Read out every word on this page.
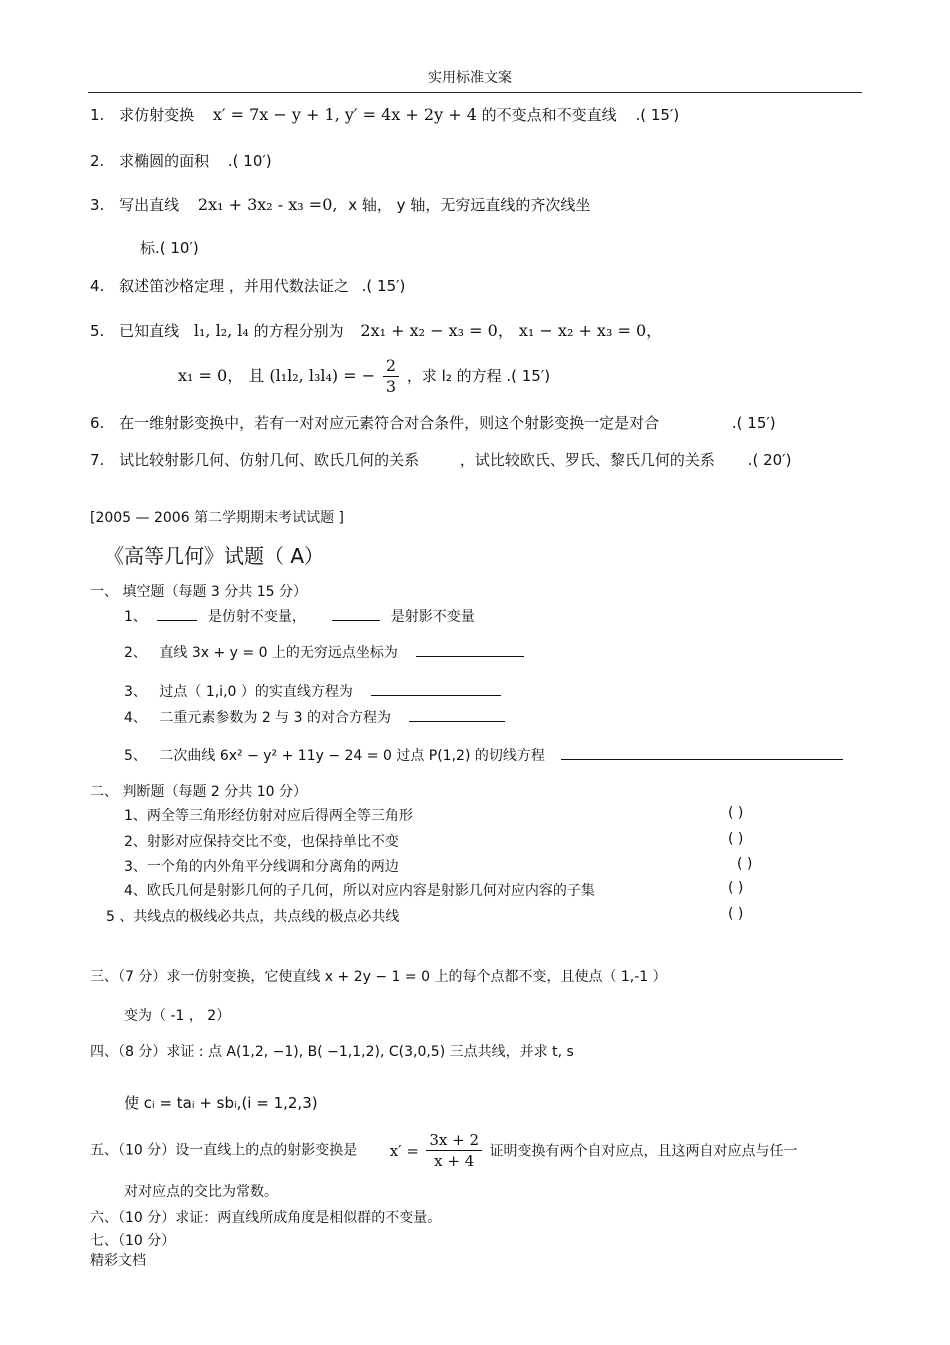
实用标准文案
1. 求仿射变换 x′ = 7x − y + 1, y′ = 4x + 2y + 4 的不变点和不变直线 .( 15′)
2. 求椭圆的面积 .( 10′)
3. 写出直线 2x₁ + 3x₂ - x₃ =0, x 轴， y 轴，无穷远直线的齐次线坐
标.( 10′)
4. 叙述笛沙格定理 ，并用代数法证之 .( 15′)
5. 已知直线 l₁, l₂, l₄ 的方程分别为 2x₁ + x₂ − x₃ = 0， x₁ − x₂ + x₃ = 0，
x₁ = 0， 且 (l₁l₂, l₃l₄) = − $\frac{2}{3}$ ，求 l₂ 的方程 .( 15′)
6. 在一维射影变换中，若有一对对应元素符合对合条件，则这个射影变换一定是对合	.( 15′)
7. 试比较射影几何、仿射几何、欧氏几何的关系	，试比较欧氏、罗氏、黎氏几何的关系 .( 20′)
[2005 — 2006 第二学期期末考试试题 ]
《高等几何》试题（ A）
一、 填空题（每题 3 分共 15 分）
1、	是仿射不变量，	是射影不变量
2、 直线 3x + y = 0 上的无穷远点坐标为
3、 过点（ 1,i,0 ）的实直线方程为
4、 二重元素参数为 2 与 3 的对合方程为
5、 二次曲线 6x² − y² + 11y − 24 = 0 过点 P(1,2) 的切线方程
二、 判断题（每题 2 分共 10 分）
1、两全等三角形经仿射对应后得两全等三角形	( )
2、射影对应保持交比不变，也保持单比不变	( )
3、一个角的内外角平分线调和分离角的两边	( )
4、欧氏几何是射影几何的子几何，所以对应内容是射影几何对应内容的子集	( )
5 、共线点的极线必共点，共点线的极点必共线	( )
三、（7 分）求一仿射变换，它使直线 x + 2y − 1 = 0 上的每个点都不变，且使点（ 1,-1 ）
变为（ -1 ， 2）
四、（8 分）求证 : 点 A(1,2, −1), B( −1,1,2), C(3,0,5) 三点共线，并求 t, s
使 cᵢ = taᵢ + sbᵢ,(i = 1,2,3)
五、（10 分）设一直线上的点的射影变换是 $x' = \frac{3x + 2}{x + 4}$ 证明变换有两个自对应点，且这两自对应点与任一
对对应点的交比为常数。
六、（10 分）求证：两直线所成角度是相似群的不变量。
七、（10 分）
精彩文档
